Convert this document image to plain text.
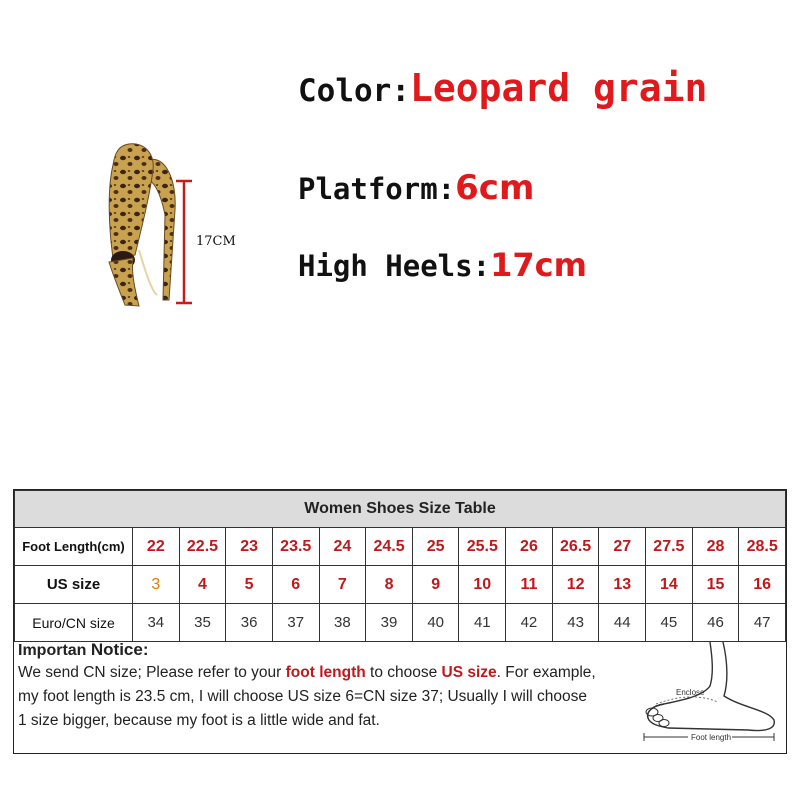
17CM
Color:Leopard grain
Platform:6cm
High Heels:17cm
Women Shoes Size Table														
Foot Length(cm)	22	22.5	23	23.5	24	24.5	25	25.5	26	26.5	27	27.5	28	28.5
US size	3	4	5	6	7	8	9	10	11	12	13	14	15	16
Euro/CN size	34	35	36	37	38	39	40	41	42	43	44	45	46	47
Importan Notice:
We send CN size; Please refer to your foot length to choose US size. For example,
my foot length is 23.5 cm, I will choose US size 6=CN size 37; Usually I will choose
1 size bigger, because my foot is a little wide and fat.
Enclose
Foot length
